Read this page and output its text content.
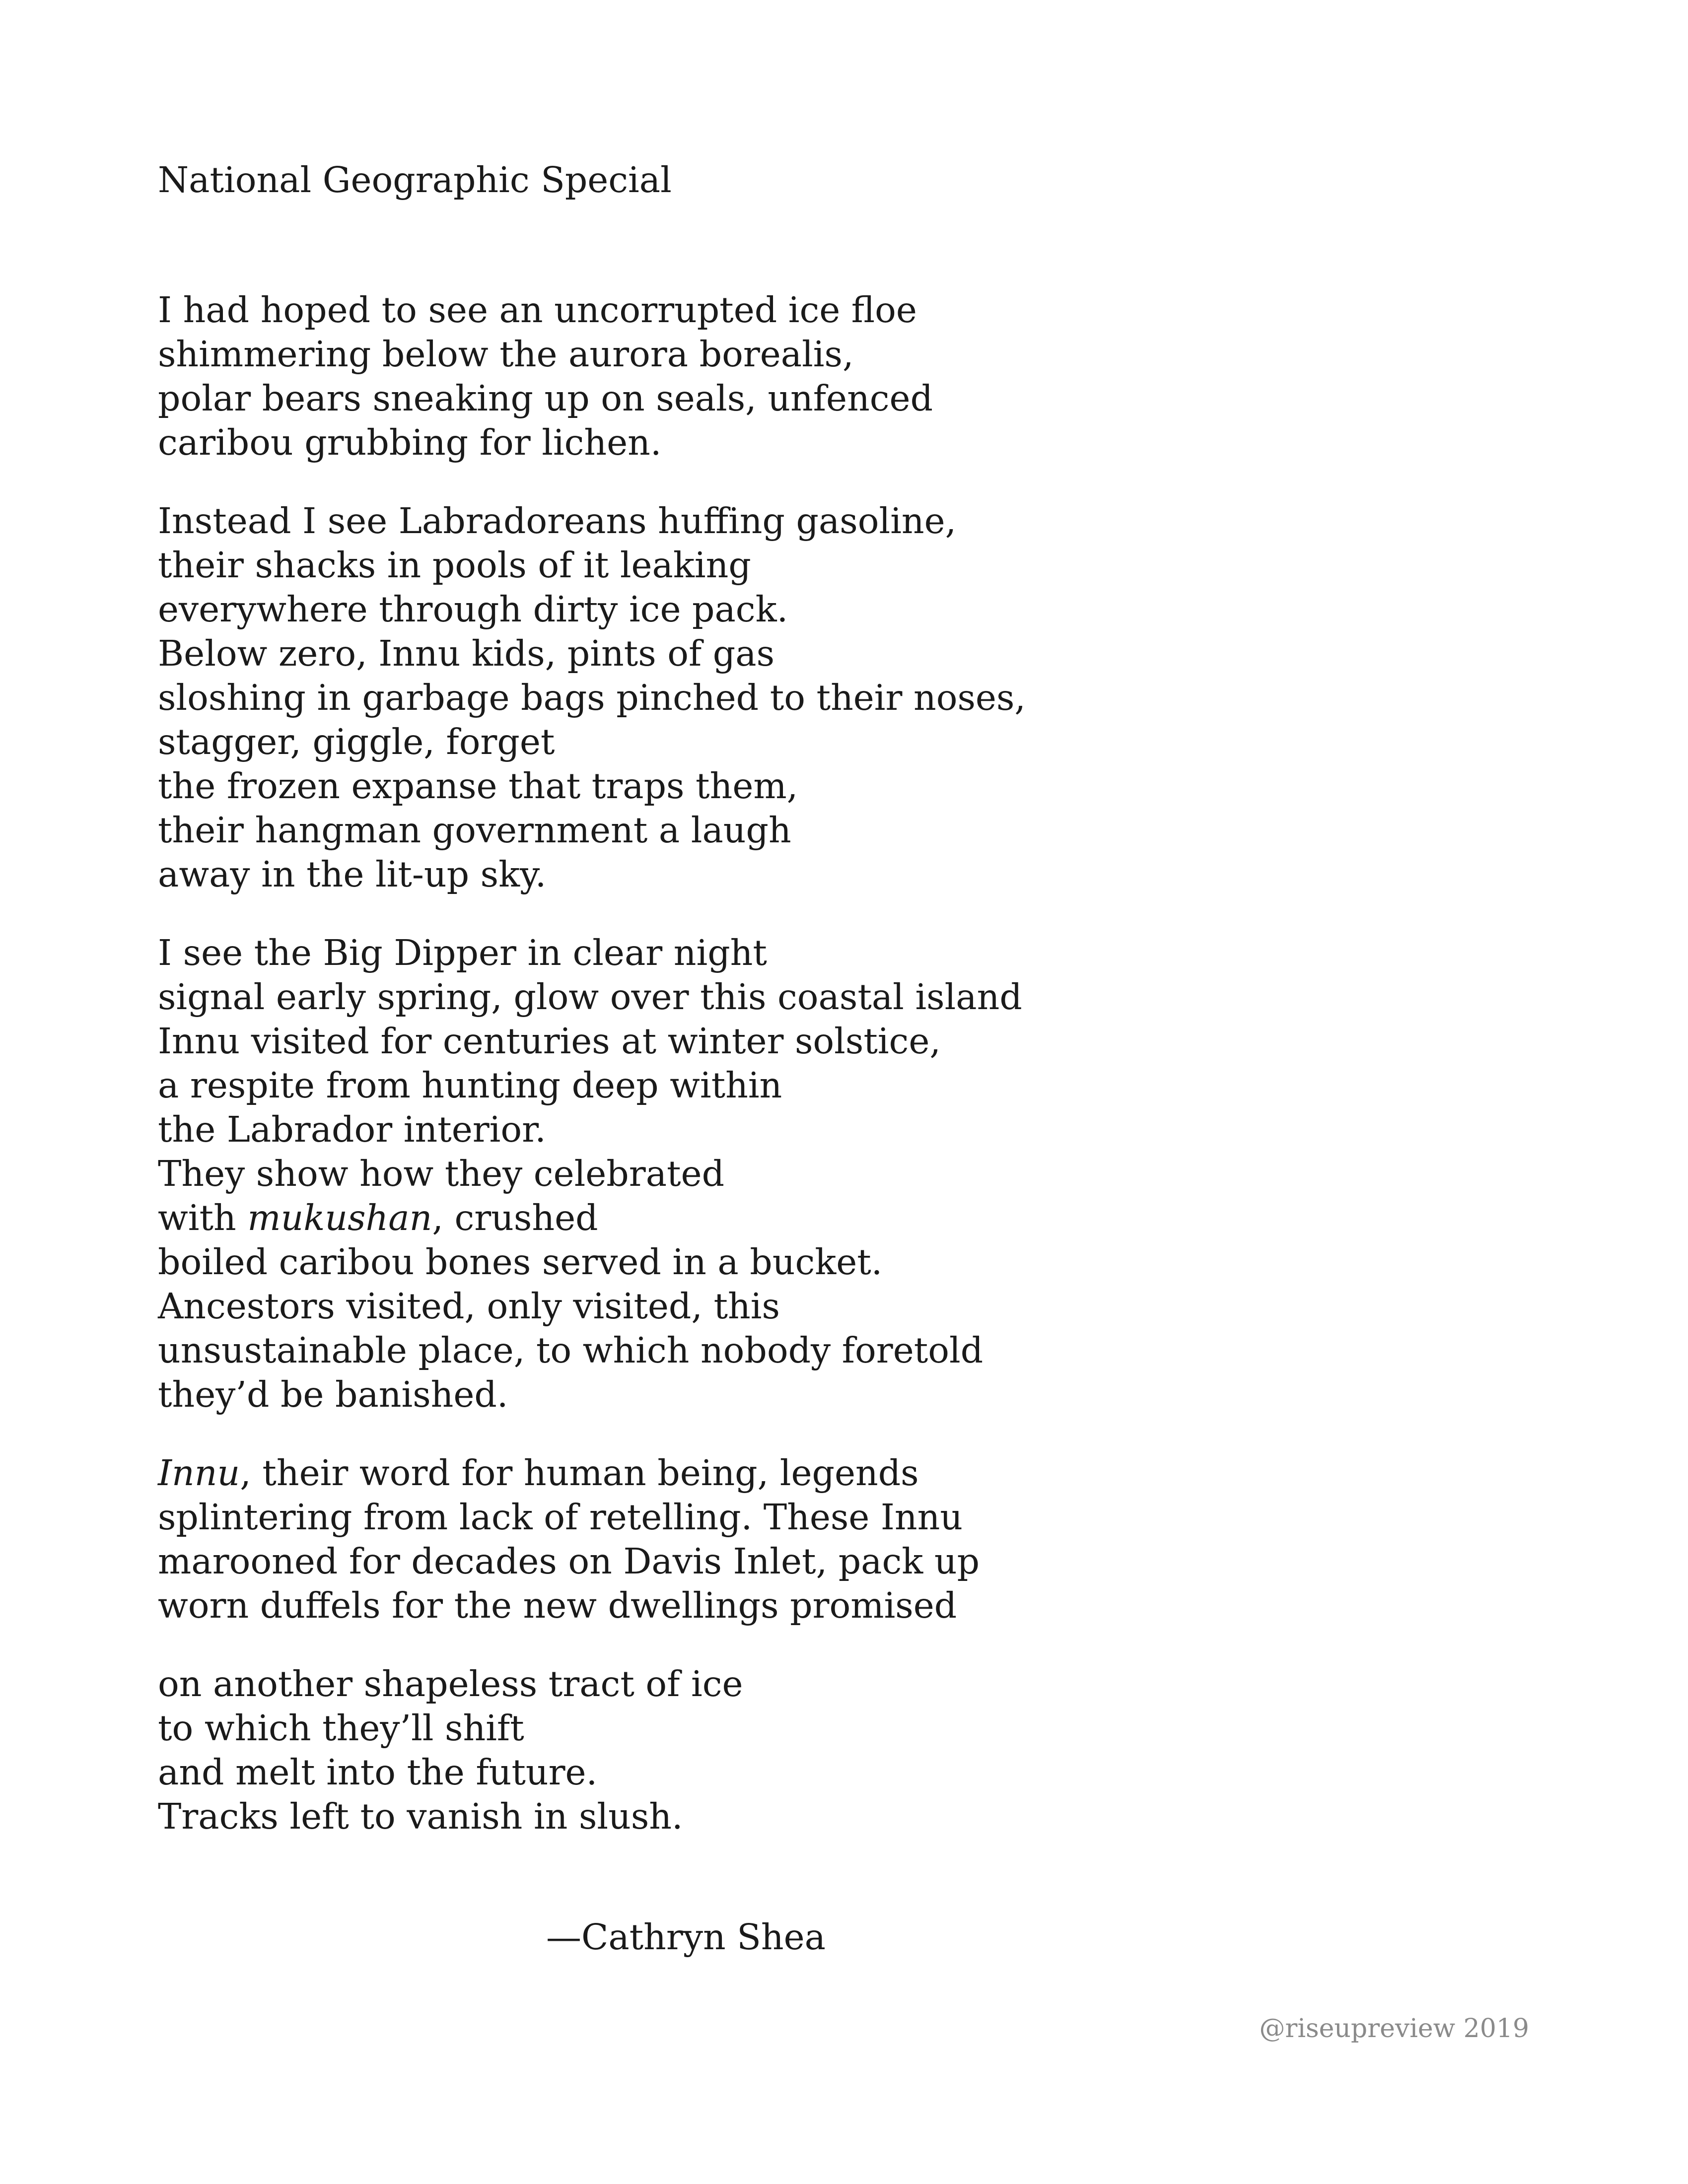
National Geographic Special
I had hoped to see an uncorrupted ice floe
shimmering below the aurora borealis,
polar bears sneaking up on seals, unfenced
caribou grubbing for lichen.
Instead I see Labradoreans huffing gasoline,
their shacks in pools of it leaking
everywhere through dirty ice pack.
Below zero, Innu kids, pints of gas
sloshing in garbage bags pinched to their noses,
stagger, giggle, forget
the frozen expanse that traps them,
their hangman government a laugh
away in the lit-up sky.
I see the Big Dipper in clear night
signal early spring, glow over this coastal island
Innu visited for centuries at winter solstice,
a respite from hunting deep within
the Labrador interior.
They show how they celebrated
with mukushan, crushed
boiled caribou bones served in a bucket.
Ancestors visited, only visited, this
unsustainable place, to which nobody foretold
they’d be banished.
Innu, their word for human being, legends
splintering from lack of retelling. These Innu
marooned for decades on Davis Inlet, pack up
worn duffels for the new dwellings promised
on another shapeless tract of ice
to which they’ll shift
and melt into the future.
Tracks left to vanish in slush.
—Cathryn Shea
@riseupreview 2019
